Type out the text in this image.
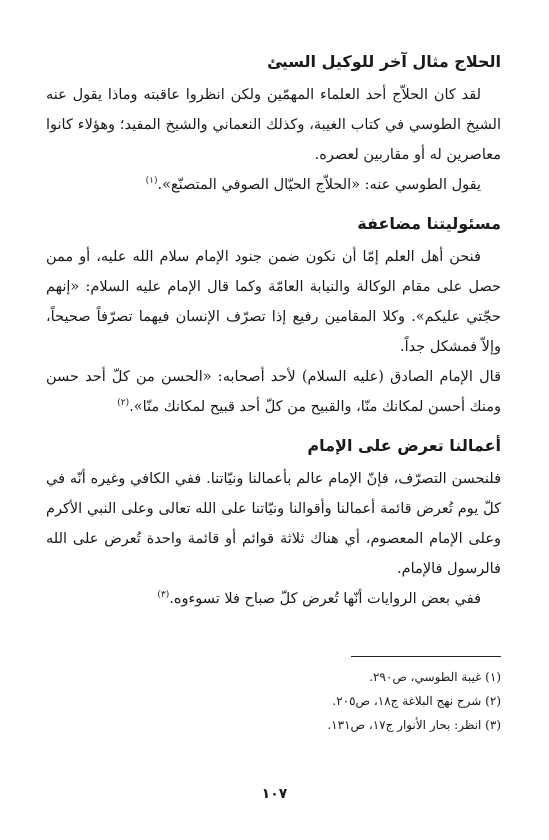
الحلاج مثال آخر للوكيل السيئ

لقد كان الحلاّج أحد العلماء المهمّين ولكن انظروا عاقبته وماذا يقول عنه الشيخ الطوسي في كتاب الغيبة، وكذلك النعماني والشيخ المفيد؛ وهؤلاء كانوا معاصرين له أو مقاربين لعصره.

يقول الطوسي عنه: «الحلاّج الحيّال الصوفي المتصنّع».$^{(١)}$

مسئوليتنا مضاعفة

فنحن أهل العلم إمّا أن نكون ضمن جنود الإمام سلام الله عليه، أو ممن حصل على مقام الوكالة والنيابة العامّة وكما قال الإمام عليه السلام: «إنهم حجّتي عليكم». وكلا المقامين رفيع إذا تصرّف الإنسان فيهما تصرّفاً صحيحاً، وإلاّ فمشكل جداً.

قال الإمام الصادق (عليه السلام) لأحد أصحابه: «الحسن من كلّ أحد حسن ومنك أحسن لمكانك منّا، والقبيح من كلّ أحد قبيح لمكانك منّا».$^{(٢)}$

أعمالنا تعرض على الإمام

فلنحسن التصرّف، فإنّ الإمام عالم بأعمالنا ونيّاتنا. ففي الكافي وغيره أنّه في كلّ يوم تُعرض قائمة أعمالنا وأقوالنا ونيّاتنا على الله تعالى وعلى النبي الأكرم وعلى الإمام المعصوم، أي هناك ثلاثة قوائم أو قائمة واحدة تُعرض على الله فالرسول فالإمام.

ففي بعض الروايات أنّها تُعرض كلّ صباح فلا تسوءوه.$^{(٣)}$

(١) غيبة الطوسي، ص٢٩٠.
(٢) شرح نهج البلاغة ج١٨، ص٢٠٥.
(٣) انظر: بحار الأنوار ج١٧، ص١٣١.
١٠٧
